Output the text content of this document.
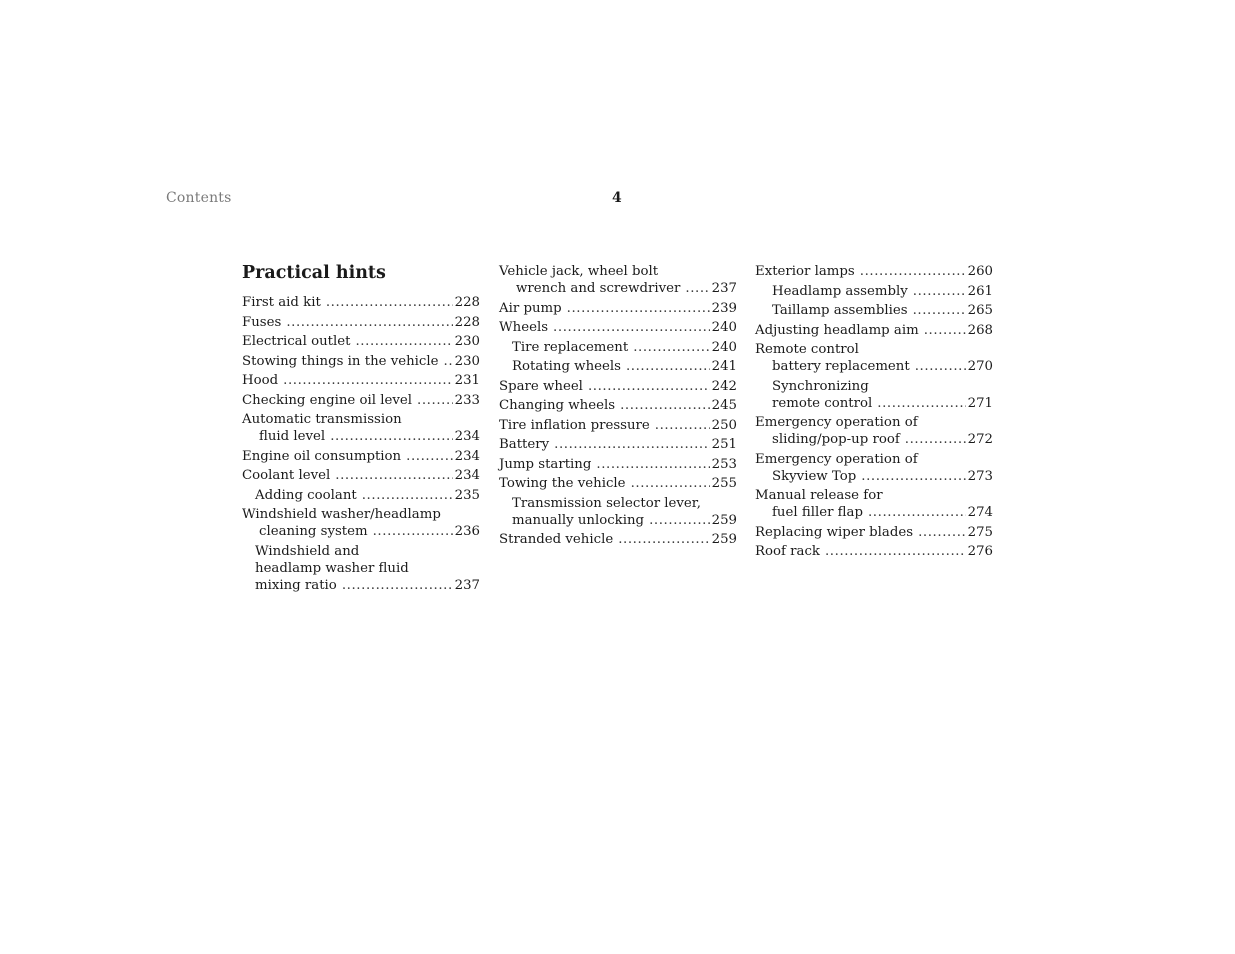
Contents	4
Practical hints
First aid kit .....	228
Fuses .....	228
Electrical outlet .....	230
Stowing things in the vehicle ..... 230
Hood .....	231
Checking engine oil level .....	233
Automatic transmission
fluid level .....	234
Engine oil consumption .....	234
Coolant level .....	234
Adding coolant .....	235
Windshield washer/headlamp
cleaning system .....	236
Windshield and
headlamp washer fluid
mixing ratio .....	237
Vehicle jack, wheel bolt
wrench and screwdriver ..... 237
Air pump .....	239
Wheels .....	240
Tire replacement .....	240
Rotating wheels .....	241
Spare wheel .....	242
Changing wheels .....	245
Tire inflation pressure .....	250
Battery .....	251
Jump starting .....	253
Towing the vehicle .....	255
Transmission selector lever,
manually unlocking .....	259
Stranded vehicle .....	259
Exterior lamps .....	260
Headlamp assembly .....	261
Taillamp assemblies .....	265
Adjusting headlamp aim .....	268
Remote control
battery replacement .....	270
Synchronizing
remote control .....	271
Emergency operation of
sliding/pop-up roof .....	272
Emergency operation of
Skyview Top .....	273
Manual release for
fuel filler flap .....	274
Replacing wiper blades .....	275
Roof rack .....	276
